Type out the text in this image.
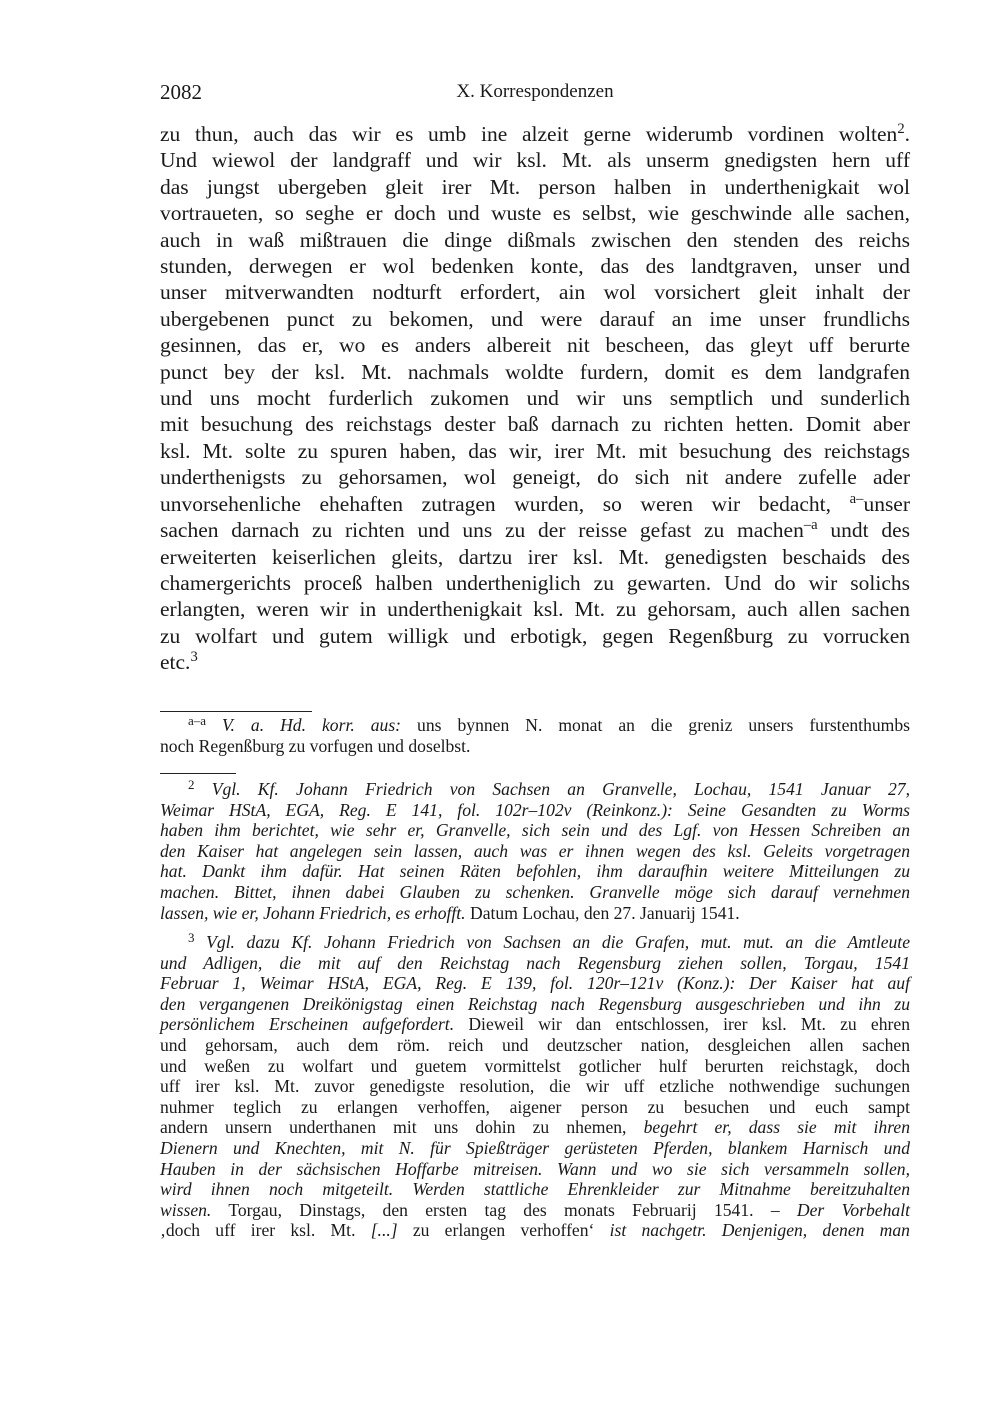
2082	X. Korrespondenzen
zu thun, auch das wir es umb ine alzeit gerne widerumb vordinen wolten$^2$.
Und wiewol der landgraff und wir ksl. Mt. als unserm gnedigsten hern uff
das jungst ubergeben gleit irer Mt. person halben in underthenigkait wol
vortraueten, so seghe er doch und wuste es selbst, wie geschwinde alle sachen,
auch in waß mißtrauen die dinge dißmals zwischen den stenden des reichs
stunden, derwegen er wol bedenken konte, das des landtgraven, unser und
unser mitverwandten nodturft erfordert, ain wol vorsichert gleit inhalt der
ubergebenen punct zu bekomen, und were darauf an ime unser frundlichs
gesinnen, das er, wo es anders albereit nit bescheen, das gleyt uff berurte
punct bey der ksl. Mt. nachmals woldte furdern, domit es dem landgrafen
und uns mocht furderlich zukomen und wir uns semptlich und sunderlich
mit besuchung des reichstags dester baß darnach zu richten hetten. Domit aber
ksl. Mt. solte zu spuren haben, das wir, irer Mt. mit besuchung des reichstags
underthenigsts zu gehorsamen, wol geneigt, do sich nit andere zufelle ader
unvorsehenliche ehehaften zutragen wurden, so weren wir bedacht, $^{a-}$unser
sachen darnach zu richten und uns zu der reisse gefast zu machen$^{-a}$ undt des
erweiterten keiserlichen gleits, dartzu irer ksl. Mt. genedigsten beschaids des
chamergerichts proceß halben undertheniglich zu gewarten. Und do wir solichs
erlangten, weren wir in underthenigkait ksl. Mt. zu gehorsam, auch allen sachen
zu wolfart und gutem willigk und erbotigk, gegen Regenßburg zu vorrucken
etc.$^3$
$^{a-a}$ V. a. Hd. korr. aus: uns bynnen N. monat an die greniz unsers furstenthumbs
noch Regenßburg zu vorfugen und doselbst.
$^2$ Vgl. Kf. Johann Friedrich von Sachsen an Granvelle, Lochau, 1541 Januar 27,
Weimar HStA, EGA, Reg. E 141, fol. 102r–102v (Reinkonz.): Seine Gesandten zu Worms
haben ihm berichtet, wie sehr er, Granvelle, sich sein und des Lgf. von Hessen Schreiben an
den Kaiser hat angelegen sein lassen, auch was er ihnen wegen des ksl. Geleits vorgetragen
hat. Dankt ihm dafür. Hat seinen Räten befohlen, ihm daraufhin weitere Mitteilungen zu
machen. Bittet, ihnen dabei Glauben zu schenken. Granvelle möge sich darauf vernehmen
lassen, wie er, Johann Friedrich, es erhofft. Datum Lochau, den 27. Januarij 1541.
$^3$ Vgl. dazu Kf. Johann Friedrich von Sachsen an die Grafen, mut. mut. an die Amtleute
und Adligen, die mit auf den Reichstag nach Regensburg ziehen sollen, Torgau, 1541
Februar 1, Weimar HStA, EGA, Reg. E 139, fol. 120r–121v (Konz.): Der Kaiser hat auf
den vergangenen Dreikönigstag einen Reichstag nach Regensburg ausgeschrieben und ihn zu
persönlichem Erscheinen aufgefordert. Dieweil wir dan entschlossen, irer ksl. Mt. zu ehren
und gehorsam, auch dem röm. reich und deutzscher nation, desgleichen allen sachen
und weßen zu wolfart und guetem vormittelst gotlicher hulf berurten reichstagk, doch
uff irer ksl. Mt. zuvor genedigste resolution, die wir uff etzliche nothwendige suchungen
nuhmer teglich zu erlangen verhoffen, aigener person zu besuchen und euch sampt
andern unsern underthanen mit uns dohin zu nhemen, begehrt er, dass sie mit ihren
Dienern und Knechten, mit N. für Spießträger gerüsteten Pferden, blankem Harnisch und
Hauben in der sächsischen Hoffarbe mitreisen. Wann und wo sie sich versammeln sollen,
wird ihnen noch mitgeteilt. Werden stattliche Ehrenkleider zur Mitnahme bereitzuhalten
wissen. Torgau, Dinstags, den ersten tag des monats Februarij 1541. – Der Vorbehalt
‚doch uff irer ksl. Mt. [...] zu erlangen verhoffen‘ ist nachgetr. Denjenigen, denen man
